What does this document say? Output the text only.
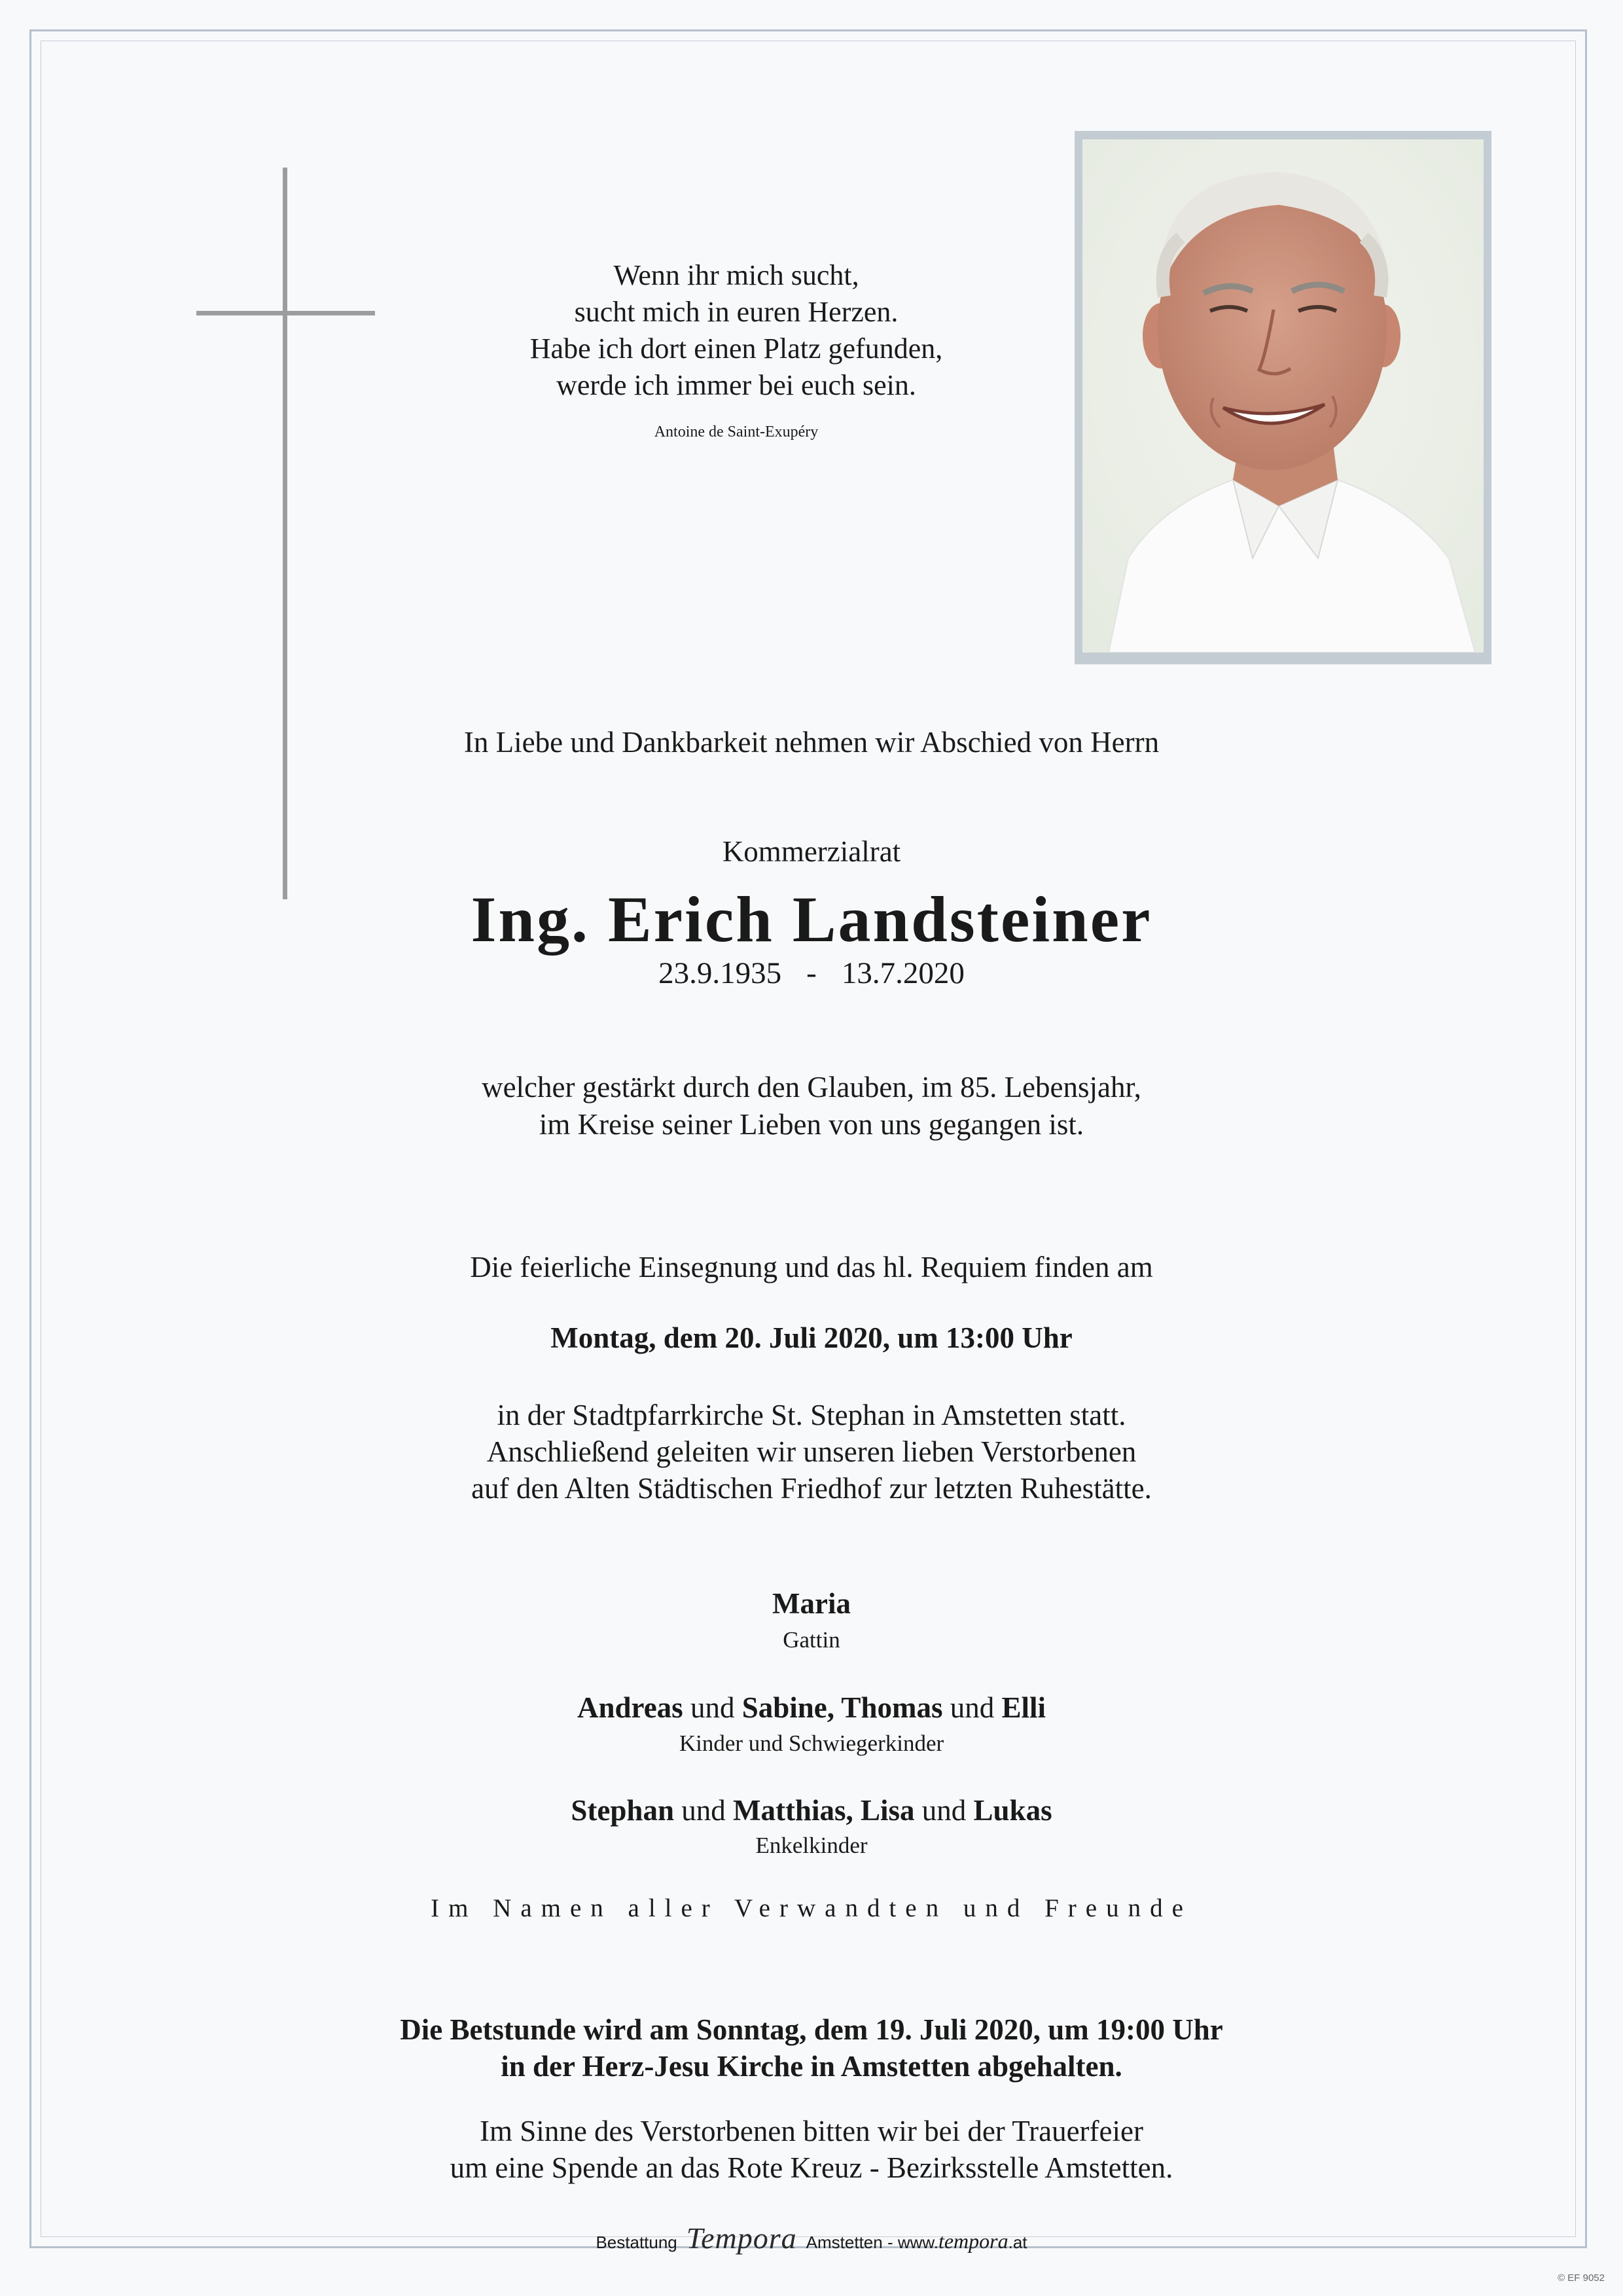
Wenn ihr mich sucht,
sucht mich in euren Herzen.
Habe ich dort einen Platz gefunden,
werde ich immer bei euch sein.
Antoine de Saint-Exupéry
In Liebe und Dankbarkeit nehmen wir Abschied von Herrn
Kommerzialrat
Ing. Erich Landsteiner
23.9.1935 - 13.7.2020
welcher gestärkt durch den Glauben, im 85. Lebensjahr,
im Kreise seiner Lieben von uns gegangen ist.
Die feierliche Einsegnung und das hl. Requiem finden am
Montag, dem 20. Juli 2020, um 13:00 Uhr
in der Stadtpfarrkirche St. Stephan in Amstetten statt.
Anschließend geleiten wir unseren lieben Verstorbenen
auf den Alten Städtischen Friedhof zur letzten Ruhestätte.
Maria
Gattin
Andreas und Sabine, Thomas und Elli
Kinder und Schwiegerkinder
Stephan und Matthias, Lisa und Lukas
Enkelkinder
Im Namen aller Verwandten und Freunde
Die Betstunde wird am Sonntag, dem 19. Juli 2020, um 19:00 Uhr
in der Herz-Jesu Kirche in Amstetten abgehalten.
Im Sinne des Verstorbenen bitten wir bei der Trauerfeier
um eine Spende an das Rote Kreuz - Bezirksstelle Amstetten.
Bestattung Tempora Amstetten - www.tempora.at
© EF 9052
